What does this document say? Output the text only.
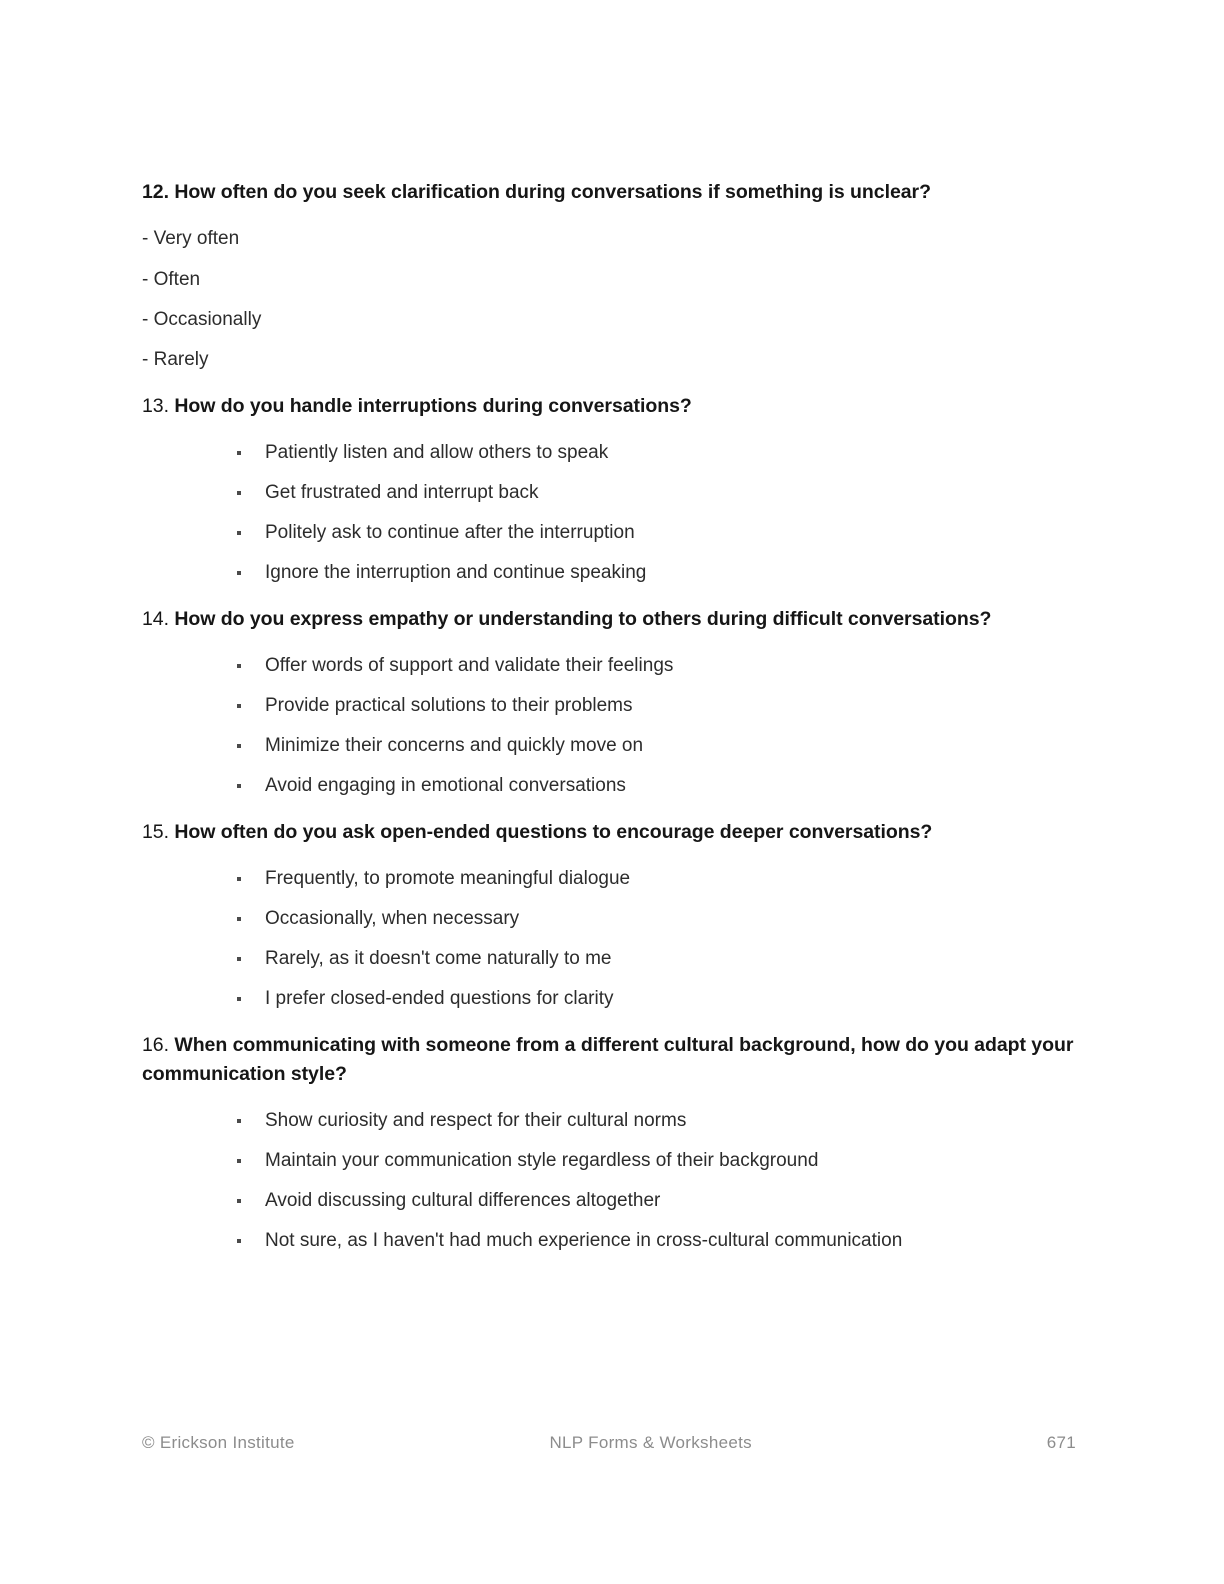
12. How often do you seek clarification during conversations if something is unclear?

- Very often
- Often
- Occasionally
- Rarely

13. How do you handle interruptions during conversations?

Patiently listen and allow others to speak
Get frustrated and interrupt back
Politely ask to continue after the interruption
Ignore the interruption and continue speaking

14. How do you express empathy or understanding to others during difficult conversations?

Offer words of support and validate their feelings
Provide practical solutions to their problems
Minimize their concerns and quickly move on
Avoid engaging in emotional conversations

15. How often do you ask open-ended questions to encourage deeper conversations?

Frequently, to promote meaningful dialogue
Occasionally, when necessary
Rarely, as it doesn't come naturally to me
I prefer closed-ended questions for clarity

16. When communicating with someone from a different cultural background, how do you adapt your communication style?

Show curiosity and respect for their cultural norms
Maintain your communication style regardless of their background
Avoid discussing cultural differences altogether
Not sure, as I haven't had much experience in cross-cultural communication
© Erickson Institute	NLP Forms & Worksheets	671
